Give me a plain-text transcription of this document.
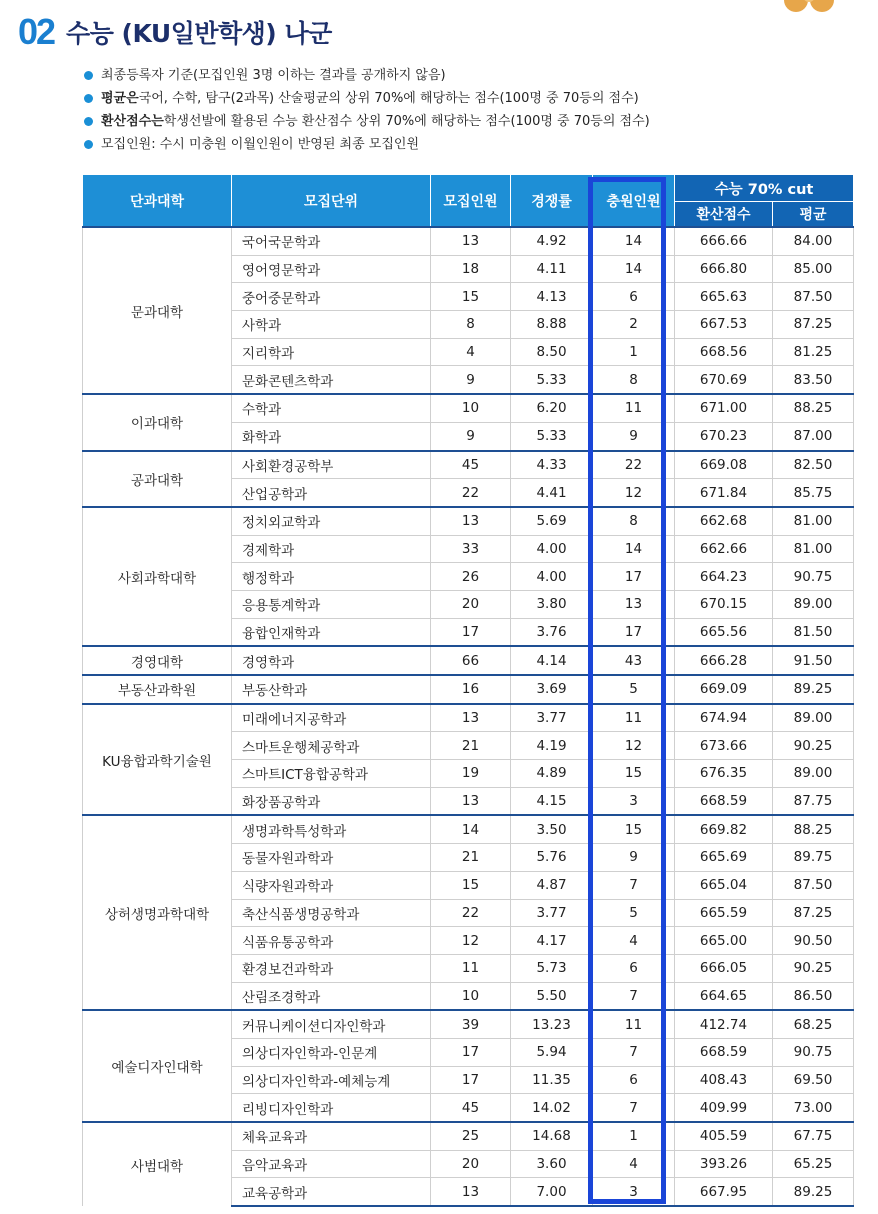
02 수능 (KU일반학생) 나군
최종등록자 기준(모집인원 3명 이하는 결과를 공개하지 않음)
평균은 국어, 수학, 탐구(2과목) 산술평균의 상위 70%에 해당하는 점수(100명 중 70등의 점수)
환산점수는 학생선발에 활용된 수능 환산점수 상위 70%에 해당하는 점수(100명 중 70등의 점수)
모집인원: 수시 미충원 이월인원이 반영된 최종 모집인원
단과대학	모집단위	모집인원	경쟁률	충원인원	수능 70% cut	
					환산점수	평균
문과대학	국어국문학과	13	4.92	14	666.66	84.00
	영어영문학과	18	4.11	14	666.80	85.00
	중어중문학과	15	4.13	6	665.63	87.50
	사학과	8	8.88	2	667.53	87.25
	지리학과	4	8.50	1	668.56	81.25
	문화콘텐츠학과	9	5.33	8	670.69	83.50
이과대학	수학과	10	6.20	11	671.00	88.25
	화학과	9	5.33	9	670.23	87.00
공과대학	사회환경공학부	45	4.33	22	669.08	82.50
	산업공학과	22	4.41	12	671.84	85.75
사회과학대학	정치외교학과	13	5.69	8	662.68	81.00
	경제학과	33	4.00	14	662.66	81.00
	행정학과	26	4.00	17	664.23	90.75
	응용통계학과	20	3.80	13	670.15	89.00
	융합인재학과	17	3.76	17	665.56	81.50
경영대학	경영학과	66	4.14	43	666.28	91.50
부동산과학원	부동산학과	16	3.69	5	669.09	89.25
KU융합과학기술원	미래에너지공학과	13	3.77	11	674.94	89.00
	스마트운행체공학과	21	4.19	12	673.66	90.25
	스마트ICT융합공학과	19	4.89	15	676.35	89.00
	화장품공학과	13	4.15	3	668.59	87.75
상허생명과학대학	생명과학특성학과	14	3.50	15	669.82	88.25
	동물자원과학과	21	5.76	9	665.69	89.75
	식량자원과학과	15	4.87	7	665.04	87.50
	축산식품생명공학과	22	3.77	5	665.59	87.25
	식품유통공학과	12	4.17	4	665.00	90.50
	환경보건과학과	11	5.73	6	666.05	90.25
	산림조경학과	10	5.50	7	664.65	86.50
예술디자인대학	커뮤니케이션디자인학과	39	13.23	11	412.74	68.25
	의상디자인학과-인문계	17	5.94	7	668.59	90.75
	의상디자인학과-예체능계	17	11.35	6	408.43	69.50
	리빙디자인학과	45	14.02	7	409.99	73.00
사범대학	체육교육과	25	14.68	1	405.59	67.75
	음악교육과	20	3.60	4	393.26	65.25
	교육공학과	13	7.00	3	667.95	89.25
